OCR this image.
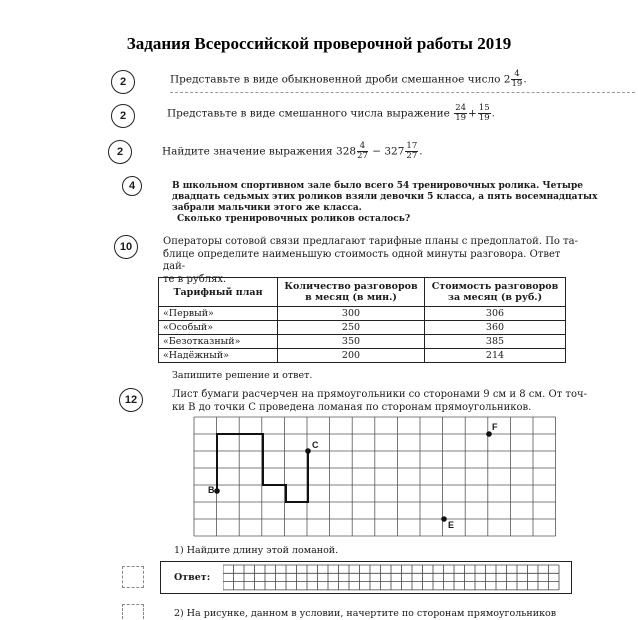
Задания Всероссийской проверочной работы 2019
2	Представьте в виде обыкновенной дроби смешанное число $2 \frac{4}{19}$ .
2	Представьте в виде смешанного числа выражение $\frac{24}{19} + \frac{15}{19}$ .
2	Найдите значение выражения $328 \frac{4}{27} - 327 \frac{17}{27}$ .
4	В школьном спортивном зале было всего 54 тренировочных ролика. Четыре
двадцать седьмых этих роликов взяли девочки 5 класса, а пять восемнадцатых
забрали мальчики этого же класса.
Сколько тренировочных роликов осталось?
10	Операторы сотовой связи предлагают тарифные планы с предоплатой. По та-
блице определите наименьшую стоимость одной минуты разговора. Ответ дай-
те в рублях.
Тарифный план	Количество разговоров в месяц (в мин.)	Стоимость разговоров за месяц (в руб.)
«Первый»	300	306
«Особый»	250	360
«Безотказный»	350	385
«Надёжный»	200	214
Запишите решение и ответ.
12	Лист бумаги расчерчен на прямоугольники со сторонами 9 см и 8 см. От точ-
ки B до точки C проведена ломаная по сторонам прямоугольников.
B
C
F
E
1) Найдите длину этой ломаной.
Ответ:
2) На рисунке, данном в условии, начертите по сторонам прямоугольников
